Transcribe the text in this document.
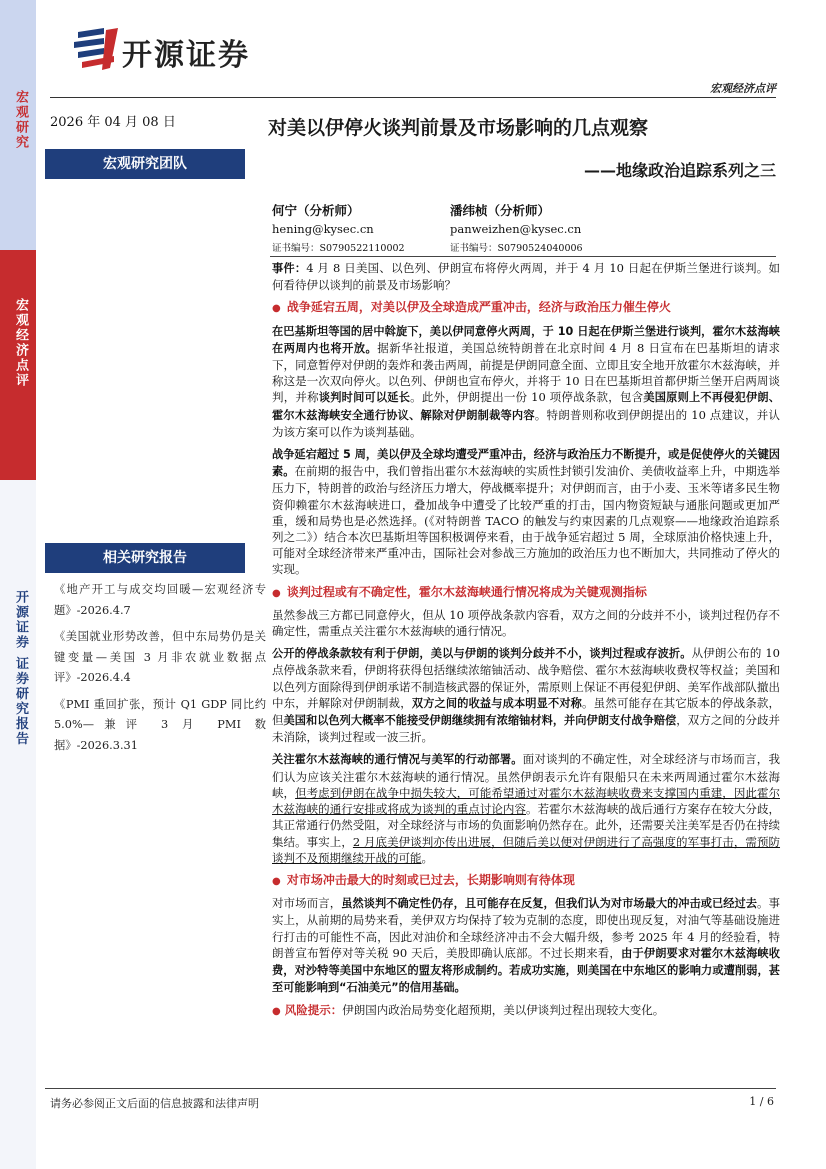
宏观研究
宏观经济点评
开源证券 证券研究报告
开源证券
宏观经济点评
2026 年 04 月 08 日
宏观研究团队
相关研究报告
《地产开工与成交均回暖—宏观经济专题》-2026.4.7
《美国就业形势改善，但中东局势仍是关键变量—美国 3 月非农就业数据点评》-2026.4.4
《PMI 重回扩张，预计 Q1 GDP 同比约 5.0%—兼评 3 月 PMI 数据》-2026.3.31
对美以伊停火谈判前景及市场影响的几点观察
——地缘政治追踪系列之三
何宁（分析师）
hening@kysec.cn
证书编号：S0790522110002
潘纬桢（分析师）
panweizhen@kysec.cn
证书编号：S0790524040006

事件：4 月 8 日美国、以色列、伊朗宣布将停火两周，并于 4 月 10 日起在伊斯兰堡进行谈判。如何看待伊以谈判的前景及市场影响？

● 战争延宕五周，对美以伊及全球造成严重冲击，经济与政治压力催生停火

在巴基斯坦等国的居中斡旋下，美以伊同意停火两周，于 10 日起在伊斯兰堡进行谈判，霍尔木兹海峡在两周内也将开放。据新华社报道，美国总统特朗普在北京时间 4 月 8 日宣布在巴基斯坦的请求下，同意暂停对伊朗的轰炸和袭击两周，前提是伊朗同意全面、立即且安全地开放霍尔木兹海峡，并称这是一次双向停火。以色列、伊朗也宣布停火，并将于 10 日在巴基斯坦首都伊斯兰堡开启两周谈判，并称谈判时间可以延长。此外，伊朗提出一份 10 项停战条款，包含美国原则上不再侵犯伊朗、霍尔木兹海峡安全通行协议、解除对伊朗制裁等内容。特朗普则称收到伊朗提出的 10 点建议，并认为该方案可以作为谈判基础。

战争延宕超过 5 周，美以伊及全球均遭受严重冲击，经济与政治压力不断提升，或是促使停火的关键因素。在前期的报告中，我们曾指出霍尔木兹海峡的实质性封锁引发油价、美债收益率上升，中期选举压力下，特朗普的政治与经济压力增大，停战概率提升；对伊朗而言，由于小麦、玉米等诸多民生物资仰赖霍尔木兹海峡进口，叠加战争中遭受了比较严重的打击，国内物资短缺与通胀问题或更加严重，缓和局势也是必然选择。(《对特朗普 TACO 的触发与约束因素的几点观察——地缘政治追踪系列之二》）结合本次巴基斯坦等国积极调停来看，由于战争延宕超过 5 周，全球原油价格快速上升，可能对全球经济带来严重冲击，国际社会对参战三方施加的政治压力也不断加大，共同推动了停火的实现。

● 谈判过程或有不确定性，霍尔木兹海峡通行情况将成为关键观测指标

虽然参战三方都已同意停火，但从 10 项停战条款内容看，双方之间的分歧并不小，谈判过程仍存不确定性，需重点关注霍尔木兹海峡的通行情况。

公开的停战条款较有利于伊朗，美以与伊朗的谈判分歧并不小，谈判过程或存波折。从伊朗公布的 10 点停战条款来看，伊朗将获得包括继续浓缩铀活动、战争赔偿、霍尔木兹海峡收费权等权益；美国和以色列方面除得到伊朗承诺不制造核武器的保证外，需原则上保证不再侵犯伊朗、美军作战部队撤出中东，并解除对伊朗制裁，双方之间的收益与成本明显不对称。虽然可能存在其它版本的停战条款，但美国和以色列大概率不能接受伊朗继续拥有浓缩铀材料，并向伊朗支付战争赔偿，双方之间的分歧并未消除，谈判过程或一波三折。

关注霍尔木兹海峡的通行情况与美军的行动部署。面对谈判的不确定性，对全球经济与市场而言，我们认为应该关注霍尔木兹海峡的通行情况。虽然伊朗表示允许有限船只在未来两周通过霍尔木兹海峡，但考虑到伊朗在战争中损失较大，可能希望通过对霍尔木兹海峡收费来支撑国内重建，因此霍尔木兹海峡的通行安排或将成为谈判的重点讨论内容。若霍尔木兹海峡的战后通行方案存在较大分歧，其正常通行仍然受阻，对全球经济与市场的负面影响仍然存在。此外，还需要关注美军是否仍在持续集结。事实上，2 月底美伊谈判亦传出进展，但随后美以便对伊朗进行了高强度的军事打击，需预防谈判不及预期继续开战的可能。

● 对市场冲击最大的时刻或已过去，长期影响则有待体现

对市场而言，虽然谈判不确定性仍存，且可能存在反复，但我们认为对市场最大的冲击或已经过去。事实上，从前期的局势来看，美伊双方均保持了较为克制的态度，即使出现反复，对油气等基础设施进行打击的可能性不高，因此对油价和全球经济冲击不会大幅升级，参考 2025 年 4 月的经验看，特朗普宣布暂停对等关税 90 天后，美股即确认底部。不过长期来看，由于伊朗要求对霍尔木兹海峡收费，对沙特等美国中东地区的盟友将形成制约。若成功实施，则美国在中东地区的影响力或遭削弱，甚至可能影响到“石油美元”的信用基础。

● 风险提示：伊朗国内政治局势变化超预期，美以伊谈判过程出现较大变化。

请务必参阅正文后面的信息披露和法律声明	1 / 6
